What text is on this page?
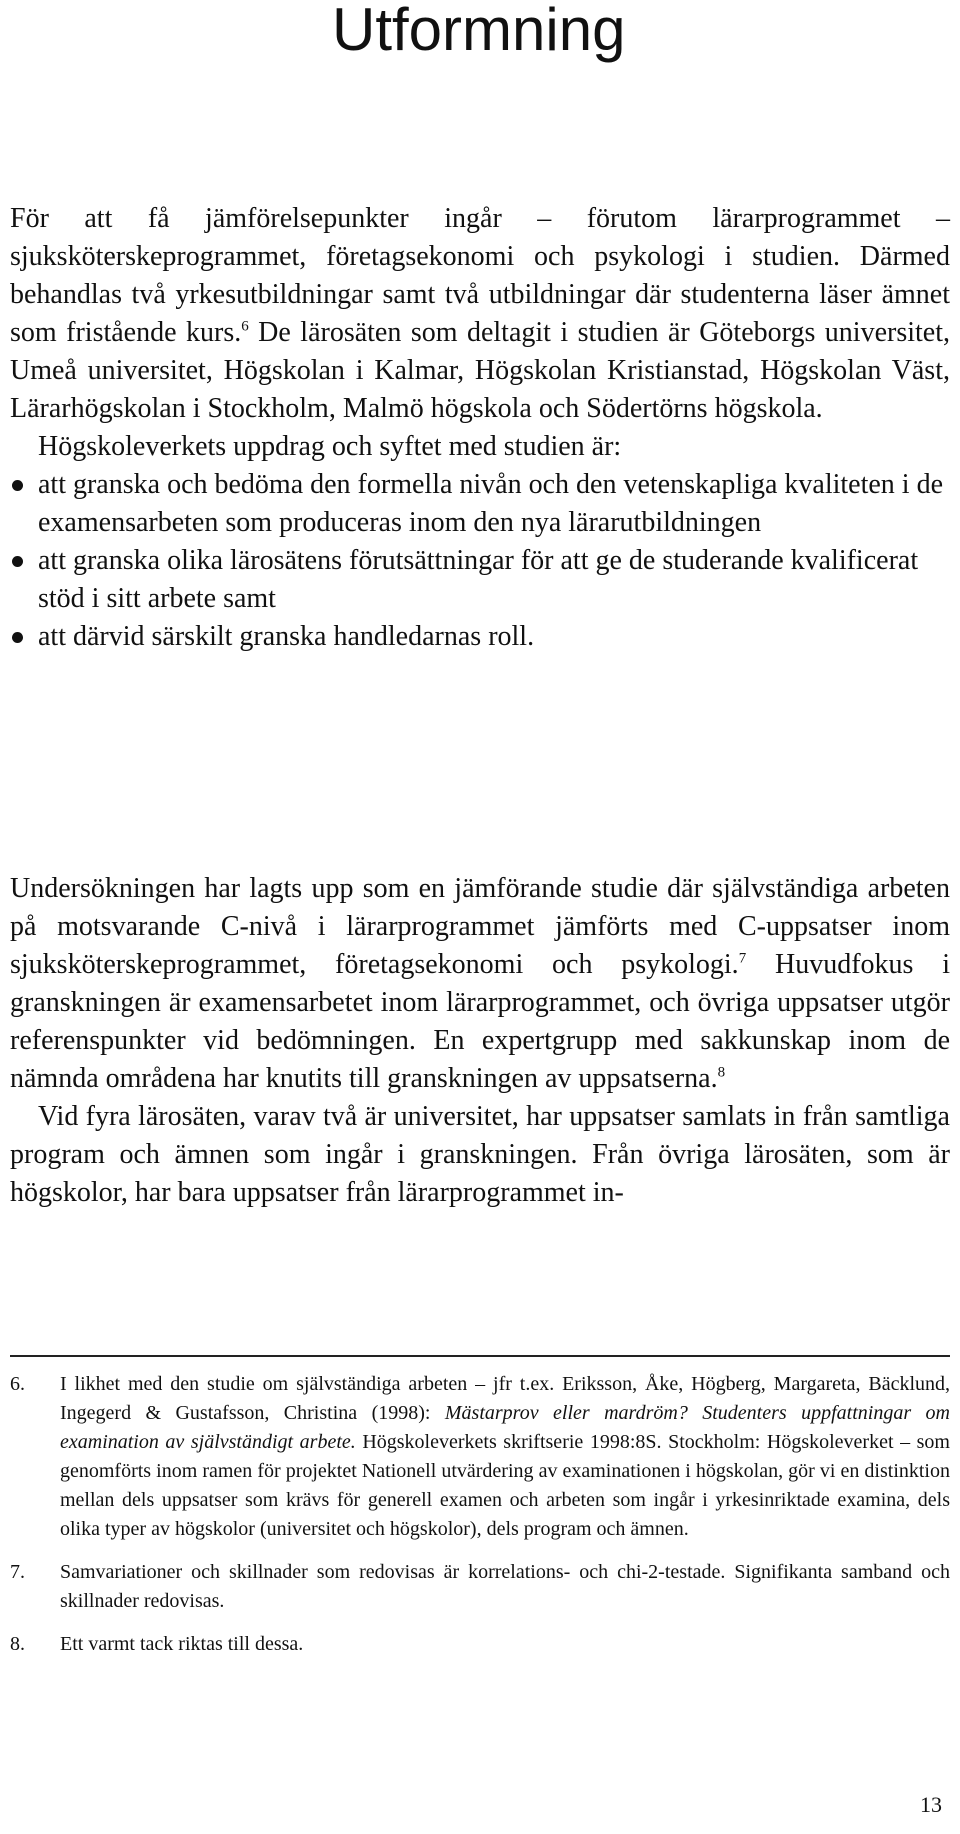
Utformning

För att få jämförelsepunkter ingår – förutom lärarprogrammet – sjuksköterskeprogrammet, företagsekonomi och psykologi i studien. Därmed behandlas två yrkesutbildningar samt två utbildningar där studenterna läser ämnet som fristående kurs.$^6$ De lärosäten som deltagit i studien är Göteborgs universitet, Umeå universitet, Högskolan i Kalmar, Högskolan Kristianstad, Högskolan Väst, Lärarhögskolan i Stockholm, Malmö högskola och Södertörns högskola.

Högskoleverkets uppdrag och syftet med studien är:

att granska och bedöma den formella nivån och den vetenskapliga kvaliteten i de examensarbeten som produceras inom den nya lärarutbildningen
att granska olika lärosätens förutsättningar för att ge de studerande kvalificerat stöd i sitt arbete samt
att därvid särskilt granska handledarnas roll.

Undersökningen har lagts upp som en jämförande studie där självständiga arbeten på motsvarande C-nivå i lärarprogrammet jämförts med C-uppsatser inom sjuksköterskeprogrammet, företagsekonomi och psykologi.$^7$ Huvudfokus i granskningen är examensarbetet inom lärarprogrammet, och övriga uppsatser utgör referenspunkter vid bedömningen. En expertgrupp med sakkunskap inom de nämnda områdena har knutits till granskningen av uppsatserna.$^8$

Vid fyra lärosäten, varav två är universitet, har uppsatser samlats in från samtliga program och ämnen som ingår i granskningen. Från övriga lärosäten, som är högskolor, har bara uppsatser från lärarprogrammet in-

6. I likhet med den studie om självständiga arbeten – jfr t.ex. Eriksson, Åke, Högberg, Margareta, Bäcklund, Ingegerd & Gustafsson, Christina (1998): Mästarprov eller mardröm? Studenters uppfattningar om examination av självständigt arbete. Högskoleverkets skriftserie 1998:8S. Stockholm: Högskoleverket – som genomförts inom ramen för projektet Nationell utvärdering av examinationen i högskolan, gör vi en distinktion mellan dels uppsatser som krävs för generell examen och arbeten som ingår i yrkesinriktade examina, dels olika typer av högskolor (universitet och högskolor), dels program och ämnen.

7. Samvariationer och skillnader som redovisas är korrelations- och chi-2-testade. Signifikanta samband och skillnader redovisas.

8. Ett varmt tack riktas till dessa.

13
